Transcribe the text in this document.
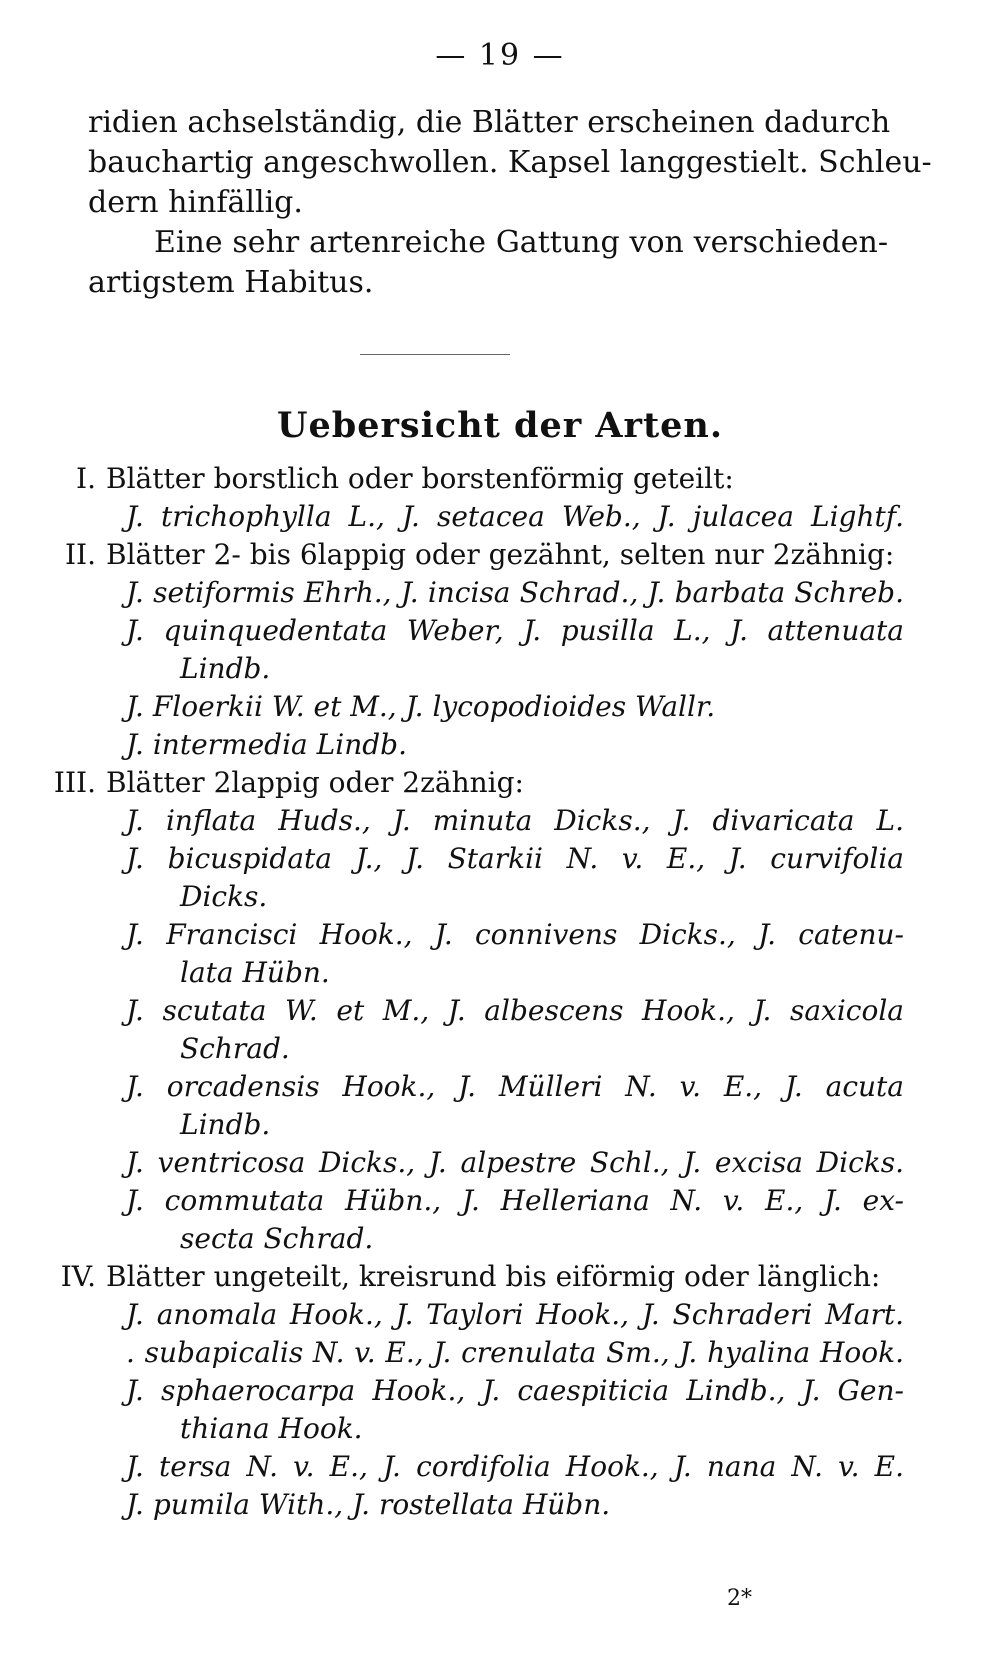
— 19 —
ridien achselständig, die Blätter erscheinen dadurch
bauchartig angeschwollen. Kapsel langgestielt. Schleu-
dern hinfällig.
Eine sehr artenreiche Gattung von verschieden-
artigstem Habitus.
Uebersicht der Arten.
I. Blätter borstlich oder borstenförmig geteilt:
J. trichophylla L., J. setacea Web., J. julacea Lightf.
II. Blätter 2- bis 6lappig oder gezähnt, selten nur 2zähnig:
J. setiformis Ehrh., J. incisa Schrad., J. barbata Schreb.
J. quinquedentata Weber, J. pusilla L., J. attenuata
Lindb.
J. Floerkii W. et M., J. lycopodioides Wallr.
J. intermedia Lindb.
III. Blätter 2lappig oder 2zähnig:
J. inflata Huds., J. minuta Dicks., J. divaricata L.
J. bicuspidata J., J. Starkii N. v. E., J. curvifolia
Dicks.
J. Francisci Hook., J. connivens Dicks., J. catenu-
lata Hübn.
J. scutata W. et M., J. albescens Hook., J. saxicola
Schrad.
J. orcadensis Hook., J. Mülleri N. v. E., J. acuta
Lindb.
J. ventricosa Dicks., J. alpestre Schl., J. excisa Dicks.
J. commutata Hübn., J. Helleriana N. v. E., J. ex-
secta Schrad.
IV. Blätter ungeteilt, kreisrund bis eiförmig oder länglich:
J. anomala Hook., J. Taylori Hook., J. Schraderi Mart.
. subapicalis N. v. E., J. crenulata Sm., J. hyalina Hook.
J. sphaerocarpa Hook., J. caespiticia Lindb., J. Gen-
thiana Hook.
J. tersa N. v. E., J. cordifolia Hook., J. nana N. v. E.
J. pumila With., J. rostellata Hübn.
2*
